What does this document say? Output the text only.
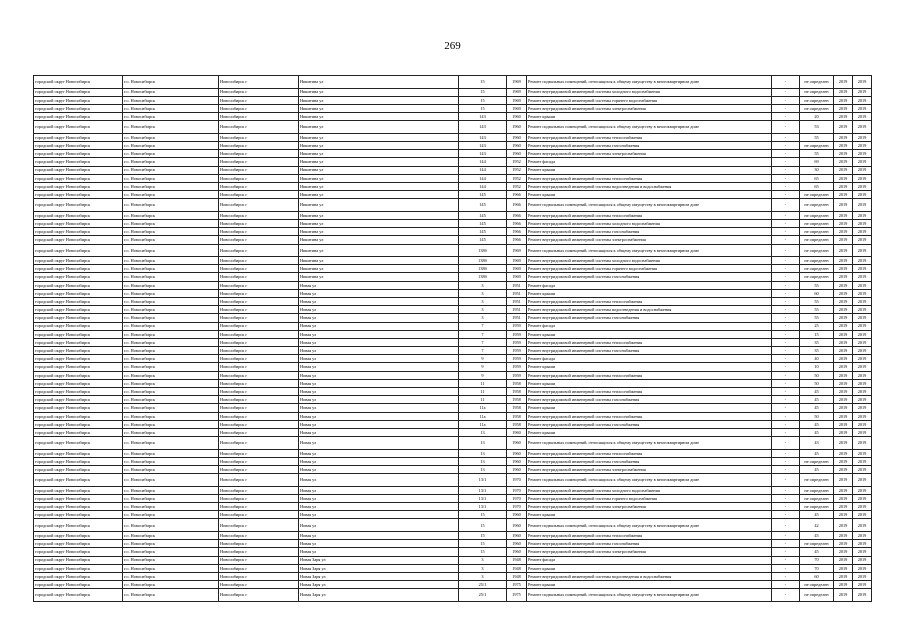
269
городской округ Новосибирск	г.о. Новосибирск	Новосибирск г	Никитина ул	15	1969	Ремонт подвальных помещений, относящихся к общему имуществу в многоквартирном доме	-	не определен	2019	2019
городской округ Новосибирск	г.о. Новосибирск	Новосибирск г	Никитина ул	15	1969	Ремонт внутридомовой инженерной системы холодного водоснабжения	-	не определен	2019	2019
городской округ Новосибирск	г.о. Новосибирск	Новосибирск г	Никитина ул	15	1969	Ремонт внутридомовой инженерной системы горячего водоснабжения	-	не определен	2019	2019
городской округ Новосибирск	г.о. Новосибирск	Новосибирск г	Никитина ул	15	1969	Ремонт внутридомовой инженерной системы электроснабжения	-	не определен	2019	2019
городской округ Новосибирск	г.о. Новосибирск	Новосибирск г	Никитина ул	143	1960	Ремонт крыши	-	20	2019	2019
городской округ Новосибирск	г.о. Новосибирск	Новосибирск г	Никитина ул	143	1960	Ремонт подвальных помещений, относящихся к общему имуществу в многоквартирном доме	-	53	2019	2019
городской округ Новосибирск	г.о. Новосибирск	Новосибирск г	Никитина ул	143	1960	Ремонт внутридомовой инженерной системы теплоснабжения	-	55	2019	2019
городской округ Новосибирск	г.о. Новосибирск	Новосибирск г	Никитина ул	143	1960	Ремонт внутридомовой инженерной системы газоснабжения	-	не определен	2019	2019
городской округ Новосибирск	г.о. Новосибирск	Новосибирск г	Никитина ул	143	1960	Ремонт внутридомовой инженерной системы электроснабжения	-	55	2019	2019
городской округ Новосибирск	г.о. Новосибирск	Новосибирск г	Никитина ул	144	1952	Ремонт фасада	-	69	2019	2019
городской округ Новосибирск	г.о. Новосибирск	Новосибирск г	Никитина ул	144	1952	Ремонт крыши	-	30	2019	2019
городской округ Новосибирск	г.о. Новосибирск	Новосибирск г	Никитина ул	144	1952	Ремонт внутридомовой инженерной системы теплоснабжения	-	65	2019	2019
городской округ Новосибирск	г.о. Новосибирск	Новосибирск г	Никитина ул	144	1952	Ремонт внутридомовой инженерной системы водоотведения и водоснабжения	-	65	2019	2019
городской округ Новосибирск	г.о. Новосибирск	Новосибирск г	Никитина ул	145	1966	Ремонт крыши	-	не определен	2019	2019
городской округ Новосибирск	г.о. Новосибирск	Новосибирск г	Никитина ул	145	1966	Ремонт подвальных помещений, относящихся к общему имуществу в многоквартирном доме	-	не определен	2019	2019
городской округ Новосибирск	г.о. Новосибирск	Новосибирск г	Никитина ул	145	1966	Ремонт внутридомовой инженерной системы теплоснабжения	-	не определен	2019	2019
городской округ Новосибирск	г.о. Новосибирск	Новосибирск г	Никитина ул	145	1966	Ремонт внутридомовой инженерной системы холодного водоснабжения	-	не определен	2019	2019
городской округ Новосибирск	г.о. Новосибирск	Новосибирск г	Никитина ул	145	1966	Ремонт внутридомовой инженерной системы газоснабжения	-	не определен	2019	2019
городской округ Новосибирск	г.о. Новосибирск	Новосибирск г	Никитина ул	145	1966	Ремонт внутридомовой инженерной системы электроснабжения	-	не определен	2019	2019
городской округ Новосибирск	г.о. Новосибирск	Новосибирск г	Никитина ул	138б	1969	Ремонт подвальных помещений, относящихся к общему имуществу в многоквартирном доме	-	не определен	2019	2019
городской округ Новосибирск	г.о. Новосибирск	Новосибирск г	Никитина ул	138б	1969	Ремонт внутридомовой инженерной системы холодного водоснабжения	-	не определен	2019	2019
городской округ Новосибирск	г.о. Новосибирск	Новосибирск г	Никитина ул	138б	1969	Ремонт внутридомовой инженерной системы горячего водоснабжения	-	не определен	2019	2019
городской округ Новосибирск	г.о. Новосибирск	Новосибирск г	Никитина ул	138б	1969	Ремонт внутридомовой инженерной системы газоснабжения	-	не определен	2019	2019
городской округ Новосибирск	г.о. Новосибирск	Новосибирск г	Новая ул	3	1951	Ремонт фасада	-	55	2019	2019
городской округ Новосибирск	г.о. Новосибирск	Новосибирск г	Новая ул	3	1951	Ремонт крыши	-	60	2019	2019
городской округ Новосибирск	г.о. Новосибирск	Новосибирск г	Новая ул	3	1951	Ремонт внутридомовой инженерной системы теплоснабжения	-	55	2019	2019
городской округ Новосибирск	г.о. Новосибирск	Новосибирск г	Новая ул	3	1951	Ремонт внутридомовой инженерной системы водоотведения и водоснабжения	-	55	2019	2019
городской округ Новосибирск	г.о. Новосибирск	Новосибирск г	Новая ул	3	1951	Ремонт внутридомовой инженерной системы газоснабжения	-	55	2019	2019
городской округ Новосибирск	г.о. Новосибирск	Новосибирск г	Новая ул	7	1959	Ремонт фасада	-	25	2019	2019
городской округ Новосибирск	г.о. Новосибирск	Новосибирск г	Новая ул	7	1959	Ремонт крыши	-	15	2019	2019
городской округ Новосибирск	г.о. Новосибирск	Новосибирск г	Новая ул	7	1959	Ремонт внутридомовой инженерной системы теплоснабжения	-	35	2019	2019
городской округ Новосибирск	г.о. Новосибирск	Новосибирск г	Новая ул	7	1959	Ремонт внутридомовой инженерной системы газоснабжения	-	35	2019	2019
городской округ Новосибирск	г.о. Новосибирск	Новосибирск г	Новая ул	9	1959	Ремонт фасада	-	40	2019	2019
городской округ Новосибирск	г.о. Новосибирск	Новосибирск г	Новая ул	9	1959	Ремонт крыши	-	10	2019	2019
городской округ Новосибирск	г.о. Новосибирск	Новосибирск г	Новая ул	9	1959	Ремонт внутридомовой инженерной системы теплоснабжения	-	50	2019	2019
городской округ Новосибирск	г.о. Новосибирск	Новосибирск г	Новая ул	11	1958	Ремонт крыши	-	50	2019	2019
городской округ Новосибирск	г.о. Новосибирск	Новосибирск г	Новая ул	11	1958	Ремонт внутридомовой инженерной системы теплоснабжения	-	45	2019	2019
городской округ Новосибирск	г.о. Новосибирск	Новосибирск г	Новая ул	11	1958	Ремонт внутридомовой инженерной системы газоснабжения	-	45	2019	2019
городской округ Новосибирск	г.о. Новосибирск	Новосибирск г	Новая ул	11а	1958	Ремонт крыши	-	45	2019	2019
городской округ Новосибирск	г.о. Новосибирск	Новосибирск г	Новая ул	11а	1958	Ремонт внутридомовой инженерной системы теплоснабжения	-	50	2019	2019
городской округ Новосибирск	г.о. Новосибирск	Новосибирск г	Новая ул	11а	1958	Ремонт внутридомовой инженерной системы газоснабжения	-	45	2019	2019
городской округ Новосибирск	г.о. Новосибирск	Новосибирск г	Новая ул	13	1960	Ремонт крыши	-	45	2019	2019
городской округ Новосибирск	г.о. Новосибирск	Новосибирск г	Новая ул	13	1960	Ремонт подвальных помещений, относящихся к общему имуществу в многоквартирном доме	-	43	2019	2019
городской округ Новосибирск	г.о. Новосибирск	Новосибирск г	Новая ул	13	1960	Ремонт внутридомовой инженерной системы теплоснабжения	-	45	2019	2019
городской округ Новосибирск	г.о. Новосибирск	Новосибирск г	Новая ул	13	1960	Ремонт внутридомовой инженерной системы газоснабжения	-	не определен	2019	2019
городской округ Новосибирск	г.о. Новосибирск	Новосибирск г	Новая ул	13	1960	Ремонт внутридомовой инженерной системы электроснабжения	-	45	2019	2019
городской округ Новосибирск	г.о. Новосибирск	Новосибирск г	Новая ул	13/1	1970	Ремонт подвальных помещений, относящихся к общему имуществу в многоквартирном доме	-	не определен	2019	2019
городской округ Новосибирск	г.о. Новосибирск	Новосибирск г	Новая ул	13/1	1970	Ремонт внутридомовой инженерной системы холодного водоснабжения	-	не определен	2019	2019
городской округ Новосибирск	г.о. Новосибирск	Новосибирск г	Новая ул	13/1	1970	Ремонт внутридомовой инженерной системы горячего водоснабжения	-	не определен	2019	2019
городской округ Новосибирск	г.о. Новосибирск	Новосибирск г	Новая ул	13/1	1970	Ремонт внутридомовой инженерной системы электроснабжения	-	не определен	2019	2019
городской округ Новосибирск	г.о. Новосибирск	Новосибирск г	Новая ул	15	1960	Ремонт крыши	-	45	2019	2019
городской округ Новосибирск	г.о. Новосибирск	Новосибирск г	Новая ул	15	1960	Ремонт подвальных помещений, относящихся к общему имуществу в многоквартирном доме	-	42	2019	2019
городской округ Новосибирск	г.о. Новосибирск	Новосибирск г	Новая ул	15	1960	Ремонт внутридомовой инженерной системы теплоснабжения	-	45	2019	2019
городской округ Новосибирск	г.о. Новосибирск	Новосибирск г	Новая ул	15	1960	Ремонт внутридомовой инженерной системы газоснабжения	-	не определен	2019	2019
городской округ Новосибирск	г.о. Новосибирск	Новосибирск г	Новая ул	15	1960	Ремонт внутридомовой инженерной системы электроснабжения	-	45	2019	2019
городской округ Новосибирск	г.о. Новосибирск	Новосибирск г	Новая Заря ул	3	1948	Ремонт фасада	-	70	2019	2019
городской округ Новосибирск	г.о. Новосибирск	Новосибирск г	Новая Заря ул	3	1948	Ремонт крыши	-	70	2019	2019
городской округ Новосибирск	г.о. Новосибирск	Новосибирск г	Новая Заря ул	3	1948	Ремонт внутридомовой инженерной системы водоотведения и водоснабжения	-	60	2019	2019
городской округ Новосибирск	г.о. Новосибирск	Новосибирск г	Новая Заря ул	25/1	1975	Ремонт крыши	-	не определен	2019	2019
городской округ Новосибирск	г.о. Новосибирск	Новосибирск г	Новая Заря ул	25/1	1975	Ремонт подвальных помещений, относящихся к общему имуществу в многоквартирном доме	-	не определен	2019	2019
